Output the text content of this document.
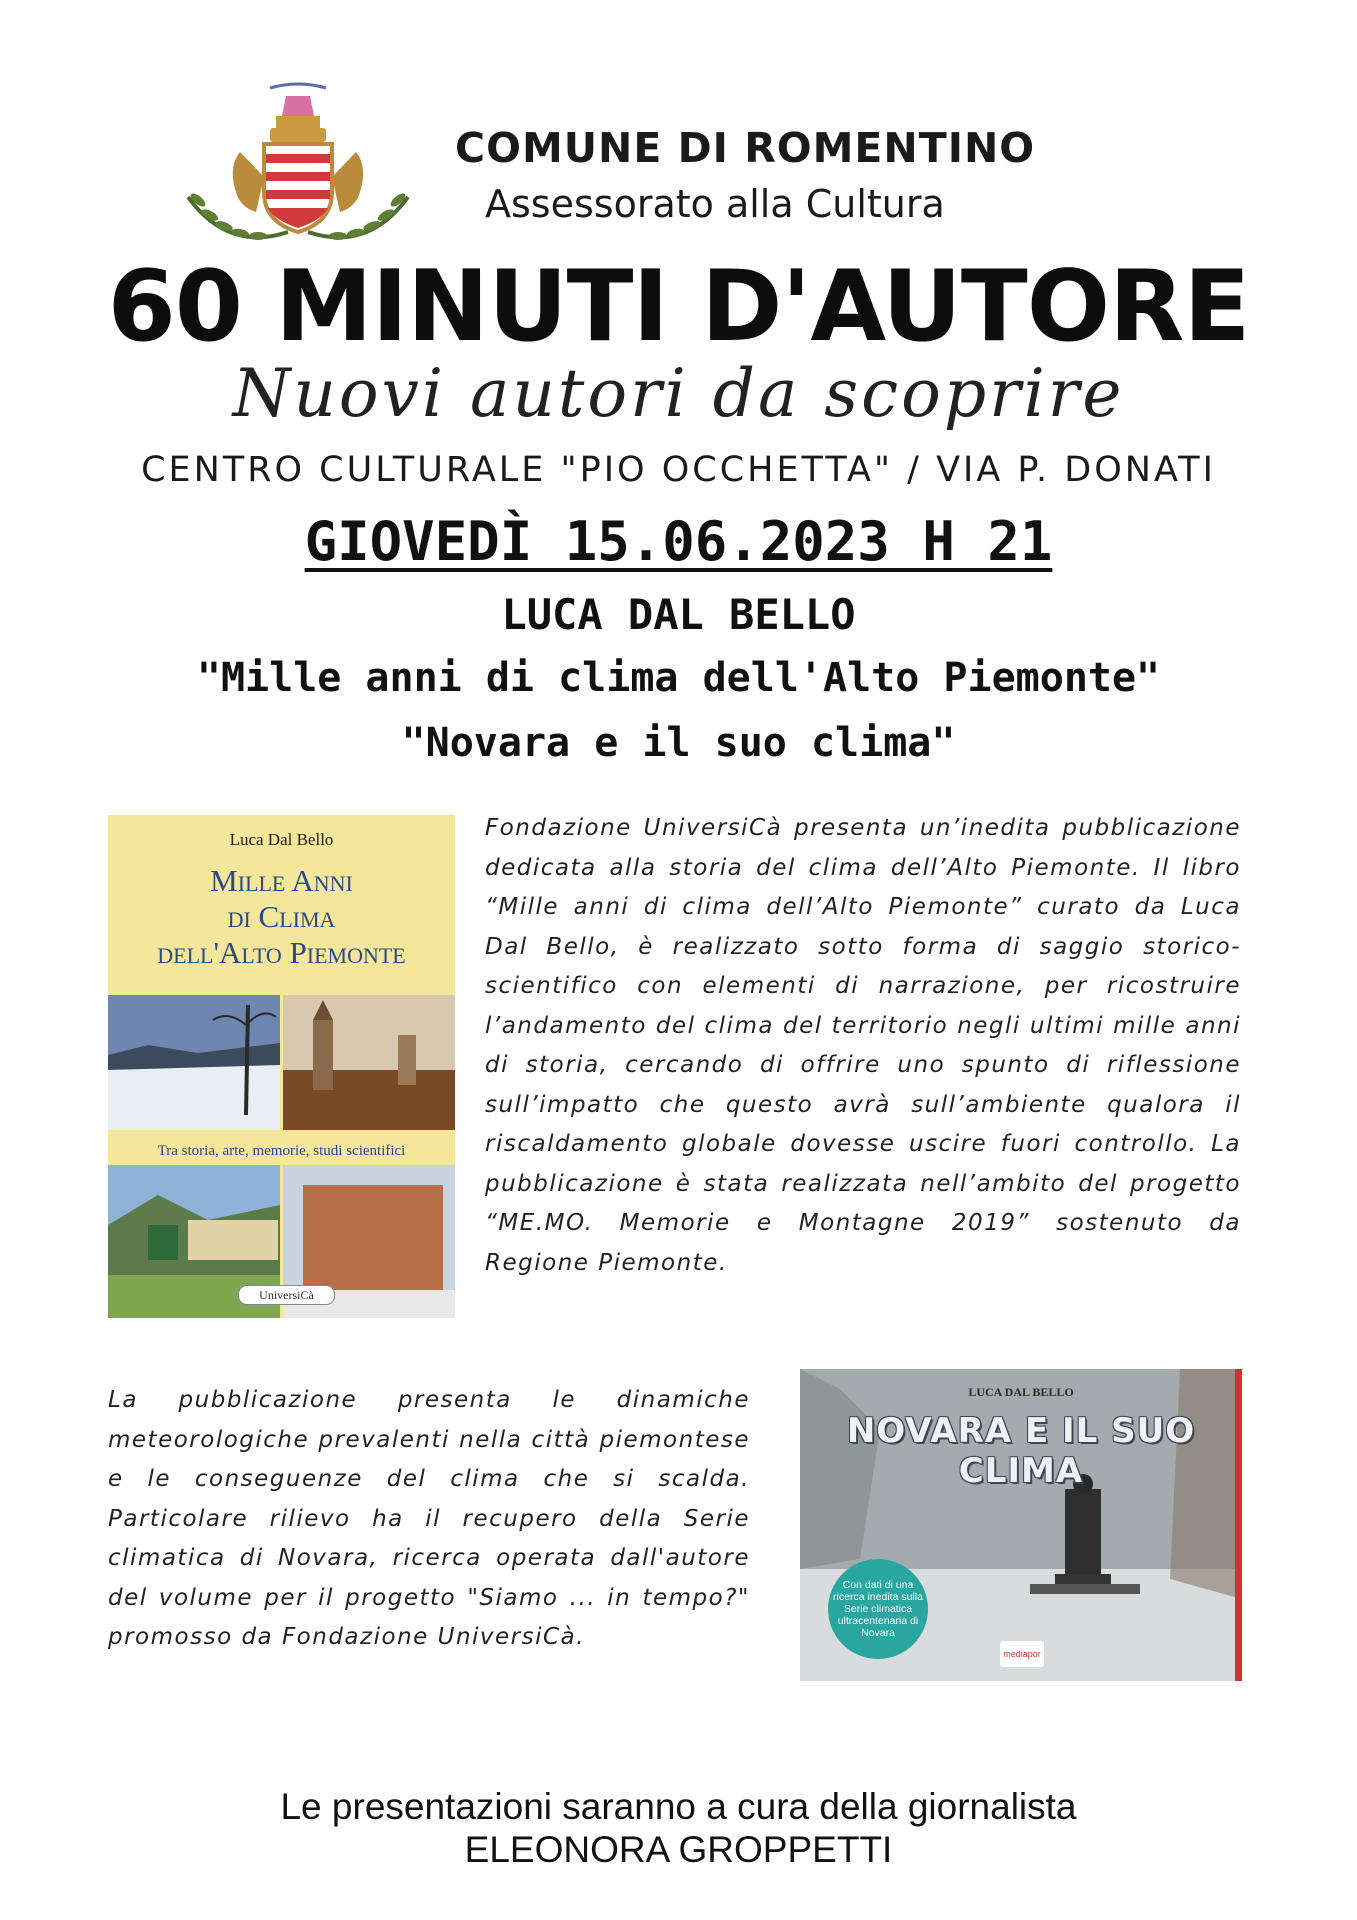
COMUNE DI ROMENTINO
Assessorato alla Cultura
60 MINUTI D'AUTORE
Nuovi autori da scoprire
CENTRO CULTURALE "PIO OCCHETTA" / VIA P. DONATI
GIOVEDÌ 15.06.2023 H 21
LUCA DAL BELLO
"Mille anni di clima dell'Alto Piemonte"
"Novara e il suo clima"
Luca Dal Bello
Mille Anni
di Clima
dell'Alto Piemonte
Tra storia, arte, memorie, studi scientifici
UniversiCà
Fondazione UniversiCà presenta un’inedita pubblicazione dedicata alla storia del clima dell’Alto Piemonte. Il libro “Mille anni di clima dell’Alto Piemonte” curato da Luca Dal Bello, è realizzato sotto forma di saggio storico-scientifico con elementi di narrazione, per ricostruire l’andamento del clima del territorio negli ultimi mille anni di storia, cercando di offrire uno spunto di riflessione sull’impatto che questo avrà sull’ambiente qualora il riscaldamento globale dovesse uscire fuori controllo. La pubblicazione è stata realizzata nell’ambito del progetto “ME.MO. Memorie e Montagne 2019” sostenuto da Regione Piemonte.
La pubblicazione presenta le dinamiche meteorologiche prevalenti nella città piemontese e le conseguenze del clima che si scalda. Particolare rilievo ha il recupero della Serie climatica di Novara, ricerca operata dall'autore del volume per il progetto "Siamo ... in tempo?" promosso da Fondazione UniversiCà.
LUCA DAL BELLO
NOVARA E IL SUO CLIMA
Con dati di una ricerca inedita sulla Serie climatica ultracentenaria di Novara
mediapor
Le presentazioni saranno a cura della giornalista
ELEONORA GROPPETTI
